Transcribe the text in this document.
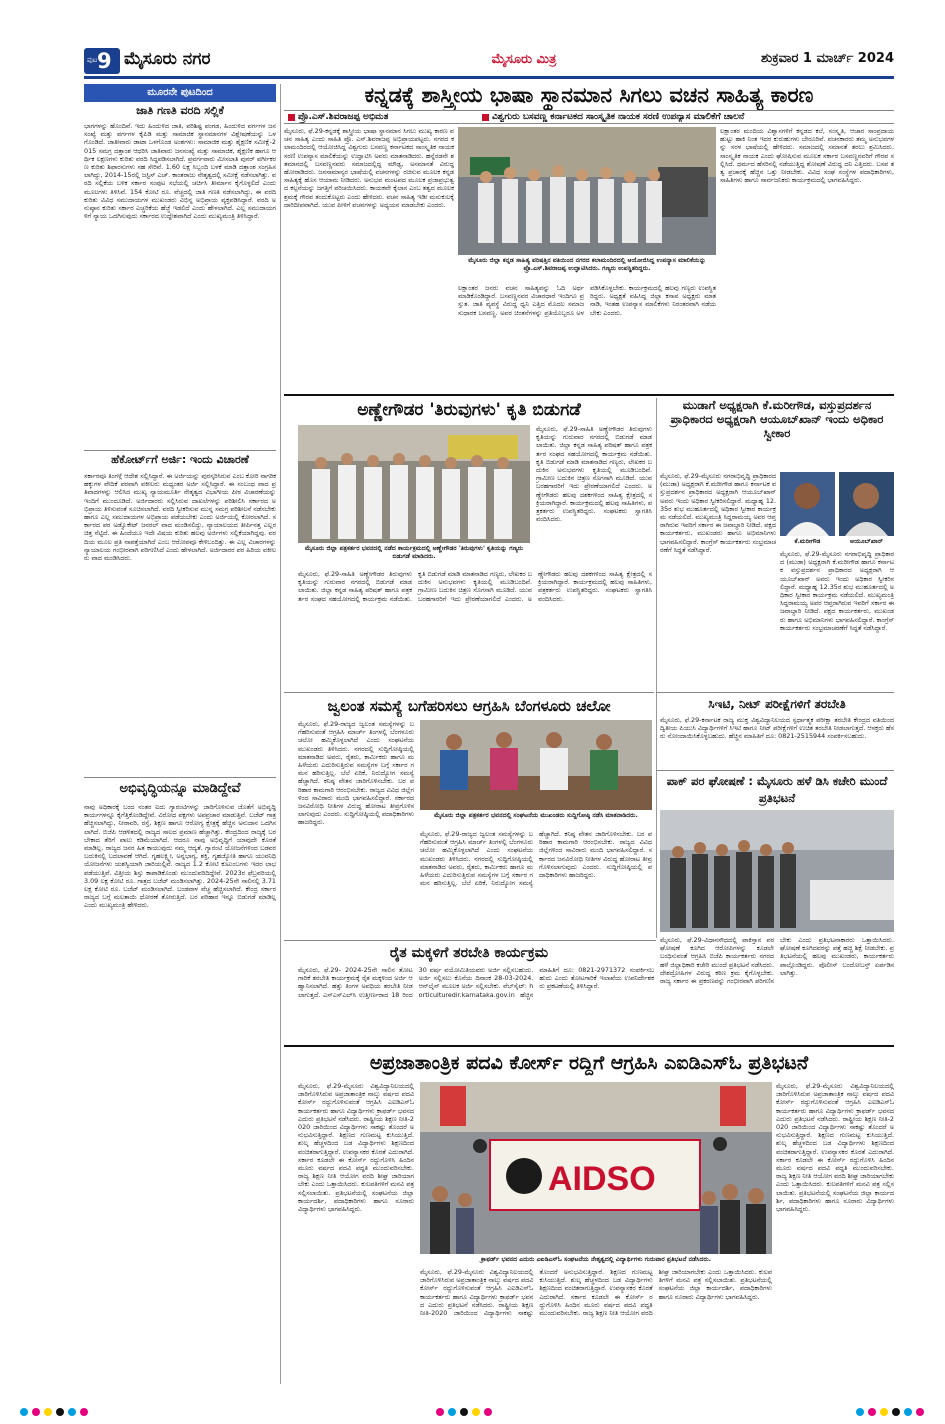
ಪುಟ 9 ಮೈಸೂರು ನಗರ	ಮೈಸೂರು ಮಿತ್ರ	ಶುಕ್ರವಾರ 1 ಮಾರ್ಚ್ 2024
ಮೂರನೇ ಪುಟದಿಂದ
ಜಾತಿ ಗಣತಿ ವರದಿ ಸಲ್ಲಿಕೆ
ಭಾಗಗಳನ್ನು ಹೊಂದಿವೆ. ಇದು ಹಿಂದುಳಿದ ಜಾತಿ, ಪರಿಶಿಷ್ಟ ಪಂಗಡ, ಹಿಂದುಳಿದ ವರ್ಗಗಳ ಜನಸಂಖ್ಯೆ ಮತ್ತು ವರ್ಗಗಳ ಕೈಪಿಡಿ ಮತ್ತು ಸಾಮಾಜಿಕ ಸ್ಥಾನಮಾನಗಳ ವಿಶ್ಲೇಷಣೆಯನ್ನು ಒಳಗೊಂಡಿದೆ. ಜಾತೀವಾರು ಡಾಟಾ ಒಳಗೊಂಡ ಅಂಶಗಳು: ಸಾಮಾಜಿಕ ಮತ್ತು ಶೈಕ್ಷಣಿಕ ಸಮೀಕ್ಷೆ-2015 ಸಮಗ್ರ ದತ್ತಾಂಶ ಆಧರಿಸಿ ಜಾತಿವಾರು ಜನಸಂಖ್ಯೆ ಮತ್ತು ಸಾಮಾಜಿಕ, ಶೈಕ್ಷಣಿಕ ಹಾಗೂ ಆರ್ಥಿಕ ಲಕ್ಷಣಗಳು ಕುರಿತು ವರದಿ ಸಿದ್ಧಪಡಿಸಲಾಗಿದೆ. ಪ್ರವರ್ಗವಾರು ಮೀಸಲಾತಿ ಪುನರ್ ವರ್ಗೀಕರಣ ಕುರಿತು ಶಿಫಾರಸುಗಳು ಸಹ ಸೇರಿವೆ. 1.60 ಲಕ್ಷ ಸಿಬ್ಬಂದಿ ಬಳಕೆ ಮಾಡಿ ದತ್ತಾಂಶ ಸಂಗ್ರಹಿಸಲಾಗಿದ್ದು, 2014-15ರಲ್ಲಿ ಜಸ್ಟಿಸ್ ಎಚ್. ಕಾಂತರಾಜು ನೇತೃತ್ವದಲ್ಲಿ ಸಮೀಕ್ಷೆ ನಡೆಸಲಾಗಿತ್ತು. ವರದಿ ಸಲ್ಲಿಕೆಯ ಬಳಿಕ ಸರ್ಕಾರ ಸಂಪುಟ ಸಭೆಯಲ್ಲಿ ಚರ್ಚಿಸಿ ತೀರ್ಮಾನ ಕೈಗೊಳ್ಳಲಿದೆ ಎಂದು ಮೂಲಗಳು ತಿಳಿಸಿವೆ. 154 ಕೋಟಿ ರೂ. ವೆಚ್ಚದಲ್ಲಿ ಜಾತಿ ಗಣತಿ ನಡೆಸಲಾಗಿದ್ದು, ಈ ವರದಿ ಕುರಿತು ವಿವಿಧ ಸಮುದಾಯಗಳ ಮುಖಂಡರು ವಿಭಿನ್ನ ಅಭಿಪ್ರಾಯ ವ್ಯಕ್ತಪಡಿಸಿದ್ದಾರೆ. ವರದಿ ಅನುಷ್ಠಾನ ಕುರಿತು ಸರ್ಕಾರ ಎಚ್ಚರಿಕೆಯ ಹೆಜ್ಜೆ ಇಡಲಿದೆ ಎಂದು ಹೇಳಲಾಗಿದೆ. ಎಲ್ಲ ಸಮುದಾಯಗಳಿಗೆ ನ್ಯಾಯ ಒದಗಿಸುವುದು ಸರ್ಕಾರದ ಉದ್ದೇಶವಾಗಿದೆ ಎಂದು ಮುಖ್ಯಮಂತ್ರಿ ತಿಳಿಸಿದ್ದಾರೆ.
ಹೆಕೋರ್ಟ್‌ಗೆ ಅರ್ಜಿ: ಇಂದು ವಿಚಾರಣೆ
ಸರ್ಕಾರವೂ ತಿಂಗಳ್ಗೆ ಆದೇಶ ಸಲ್ಲಿಸಿದ್ದಾರೆ. ಈ ಅರ್ಜಿಯನ್ನು ಪುರಸ್ಕರಿಸಿರುವ ಎಂಬ ಕೋರಿ ನಾಗರಿಕ ಹಕ್ಕುಗಳ ವೇದಿಕೆ ಪರವಾಗಿ ವಕೀಲರು ಮಧ್ಯಂತರ ಅರ್ಜಿ ಸಲ್ಲಿಸಿದ್ದಾರೆ. ಈ ಸಂಬಂಧ ವಾದ ಪ್ರತಿವಾದಗಳನ್ನು ಆಲಿಸಿದ ಮುಖ್ಯ ನ್ಯಾಯಮೂರ್ತಿ ನೇತೃತ್ವದ ವಿಭಾಗೀಯ ಪೀಠ ವಿಚಾರಣೆಯನ್ನು ಇಂದಿಗೆ ಮುಂದೂಡಿದೆ. ಅರ್ಜಿದಾರರು ಸಲ್ಲಿಸಿರುವ ದಾಖಲೆಗಳನ್ನು ಪರಿಶೀಲಿಸಿ ಸರ್ಕಾರದ ಅಭಿಪ್ರಾಯ ತಿಳಿಸುವಂತೆ ಸೂಚಿಸಲಾಗಿದೆ. ವರದಿ ಸ್ವೀಕರಿಸುವ ಮುನ್ನ ಸಮಗ್ರ ಪರಿಶೀಲನೆ ನಡೆಸಬೇಕು ಹಾಗೂ ಎಲ್ಲ ಸಮುದಾಯಗಳ ಅಭಿಪ್ರಾಯ ಪಡೆಯಬೇಕು ಎಂದು ಅರ್ಜಿಯಲ್ಲಿ ಕೋರಲಾಗಿದೆ. ಸರ್ಕಾರದ ಪರ ಅಡ್ವೊಕೇಟ್ ಜನರಲ್ ವಾದ ಮಂಡಿಸಲಿದ್ದು, ನ್ಯಾಯಾಲಯದ ತೀರ್ಪಿನತ್ತ ಎಲ್ಲರ ಚಿತ್ತ ನೆಟ್ಟಿದೆ. ಈ ಹಿಂದೆಯೂ ಇದೇ ವಿಷಯ ಕುರಿತು ಹಲವು ಅರ್ಜಿಗಳು ಸಲ್ಲಿಕೆಯಾಗಿದ್ದವು. ವರದಿಯ ಮೂಲ ಪ್ರತಿ ನಾಪತ್ತೆಯಾಗಿದೆ ಎಂಬ ಆರೋಪವೂ ಕೇಳಿಬಂದಿತ್ತು. ಈ ಎಲ್ಲ ವಿಚಾರಗಳನ್ನು ನ್ಯಾಯಾಲಯ ಗಂಭೀರವಾಗಿ ಪರಿಗಣಿಸಿದೆ ಎಂದು ಹೇಳಲಾಗಿದೆ. ಅರ್ಜಿದಾರರ ಪರ ಹಿರಿಯ ವಕೀಲರು ವಾದ ಮಂಡಿಸಿದರು.
ಅಭಿವೃದ್ಧಿಯನ್ನೂ ಮಾಡಿದ್ದೇವೆ
ನಾವು ಅಧಿಕಾರಕ್ಕೆ ಬಂದ ನಂತರ ಐದು ಗ್ಯಾರಂಟಿಗಳನ್ನು ಜಾರಿಗೊಳಿಸುವ ಜೊತೆಗೆ ಅಭಿವೃದ್ಧಿ ಕಾರ್ಯಗಳನ್ನೂ ಕೈಗೆತ್ತಿಕೊಂಡಿದ್ದೇವೆ. ವಿರೋಧ ಪಕ್ಷಗಳು ಅಪಪ್ರಚಾರ ಮಾಡುತ್ತಿವೆ. ಬಜೆಟ್ ಗಾತ್ರ ಹೆಚ್ಚಿಸಲಾಗಿದ್ದು, ನೀರಾವರಿ, ರಸ್ತೆ, ಶಿಕ್ಷಣ ಹಾಗೂ ಆರೋಗ್ಯ ಕ್ಷೇತ್ರಕ್ಕೆ ಹೆಚ್ಚಿನ ಅನುದಾನ ಒದಗಿಸಲಾಗಿದೆ. ಬಿಜೆಪಿ ಆಡಳಿತದಲ್ಲಿ ರಾಜ್ಯದ ಸಾಲದ ಪ್ರಮಾಣ ಹೆಚ್ಚಾಗಿತ್ತು. ಕೇಂದ್ರದಿಂದ ರಾಜ್ಯಕ್ಕೆ ಬರಬೇಕಾದ ತೆರಿಗೆ ಪಾಲು ಕಡಿಮೆಯಾಗಿದೆ. ಆದರೂ ನಾವು ಅಭಿವೃದ್ಧಿಗೆ ಯಾವುದೇ ಕೊರತೆ ಮಾಡಿಲ್ಲ. ರಾಜ್ಯದ ಜನರ ಹಿತ ಕಾಯುವುದು ನಮ್ಮ ಆದ್ಯತೆ. ಗ್ಯಾರಂಟಿ ಯೋಜನೆಗಳಿಂದ ಬಡವರ ಬದುಕಿನಲ್ಲಿ ಬದಲಾವಣೆ ಆಗಿದೆ. ಗೃಹಲಕ್ಷ್ಮೀ, ಅನ್ನಭಾಗ್ಯ, ಶಕ್ತಿ, ಗೃಹಜ್ಯೋತಿ ಹಾಗೂ ಯುವನಿಧಿ ಯೋಜನೆಗಳು ಯಶಸ್ವಿಯಾಗಿ ಜಾರಿಯಲ್ಲಿವೆ. ರಾಜ್ಯದ 1.2 ಕೋಟಿ ಕುಟುಂಬಗಳು ಇದರ ಲಾಭ ಪಡೆಯುತ್ತಿವೆ. ವಿತ್ತೀಯ ಶಿಸ್ತು ಕಾಪಾಡಿಕೊಂಡು ಮುಂದುವರಿದಿದ್ದೇವೆ. 2023ರ ಫೆಬ್ರವರಿಯಲ್ಲಿ 3.09 ಲಕ್ಷ ಕೋಟಿ ರೂ. ಗಾತ್ರದ ಬಜೆಟ್ ಮಂಡಿಸಲಾಗಿತ್ತು. 2024-25ನೇ ಸಾಲಿನಲ್ಲಿ 3.71 ಲಕ್ಷ ಕೋಟಿ ರೂ. ಬಜೆಟ್ ಮಂಡಿಸಲಾಗಿದೆ. ಬಂಡವಾಳ ವೆಚ್ಚ ಹೆಚ್ಚಿಸಲಾಗಿದೆ. ಕೇಂದ್ರ ಸರ್ಕಾರ ರಾಜ್ಯದ ಬಗ್ಗೆ ಮಲತಾಯಿ ಧೋರಣೆ ತೋರುತ್ತಿದೆ. ಬರ ಪರಿಹಾರ ಇನ್ನೂ ಬಿಡುಗಡೆ ಮಾಡಿಲ್ಲ ಎಂದು ಮುಖ್ಯಮಂತ್ರಿ ಹೇಳಿದರು.
ಕನ್ನಡಕ್ಕೆ ಶಾಸ್ತ್ರೀಯ ಭಾಷಾ ಸ್ಥಾನಮಾನ ಸಿಗಲು ವಚನ ಸಾಹಿತ್ಯ ಕಾರಣ
ಪ್ರೊ.ಎಸ್.ಶಿವರಾಜಪ್ಪ ಅಭಿಮತ	ವಿಶ್ವಗುರು ಬಸವಣ್ಣ ಕರ್ನಾಟಕದ ಸಾಂಸ್ಕೃತಿಕ ನಾಯಕ ಸರಣಿ ಉಪನ್ಯಾಸ ಮಾಲಿಕೆಗೆ ಚಾಲನೆ
ಮೈಸೂರು, ಫೆ.29-ಕನ್ನಡಕ್ಕೆ ಶಾಸ್ತ್ರೀಯ ಭಾಷಾ ಸ್ಥಾನಮಾನ ಸಿಗಲು ಮುಖ್ಯ ಕಾರಣ ವಚನ ಸಾಹಿತ್ಯ ಎಂದು ಸಾಹಿತಿ ಪ್ರೊ. ಎಸ್.ಶಿವರಾಜಪ್ಪ ಅಭಿಪ್ರಾಯಪಟ್ಟರು. ನಗರದ ಕಲಾಮಂದಿರದಲ್ಲಿ ಆಯೋಜಿಸಿದ್ದ ವಿಶ್ವಗುರು ಬಸವಣ್ಣ ಕರ್ನಾಟಕದ ಸಾಂಸ್ಕೃತಿಕ ನಾಯಕ ಸರಣಿ ಉಪನ್ಯಾಸ ಮಾಲಿಕೆಯನ್ನು ಉದ್ಘಾಟಿಸಿ ಅವರು ಮಾತನಾಡಿದರು. ಹನ್ನೆರಡನೇ ಶತಮಾನದಲ್ಲಿ ಬಸವಣ್ಣನವರು ಸಮಾಜದಲ್ಲಿದ್ದ ಮೌಢ್ಯ, ಅಸಮಾನತೆ ವಿರುದ್ಧ ಹೋರಾಡಿದರು. ಜನಸಾಮಾನ್ಯರ ಭಾಷೆಯಲ್ಲಿ ವಚನಗಳನ್ನು ರಚಿಸುವ ಮೂಲಕ ಕನ್ನಡ ಸಾಹಿತ್ಯಕ್ಕೆ ಹೊಸ ಆಯಾಮ ನೀಡಿದರು. ಅನುಭವ ಮಂಟಪದ ಮೂಲಕ ಪ್ರಜಾಪ್ರಭುತ್ವದ ಕಲ್ಪನೆಯನ್ನು ಜಗತ್ತಿಗೆ ಪರಿಚಯಿಸಿದರು. ಕಾಯಕವೇ ಕೈಲಾಸ ಎಂಬ ತತ್ವದ ಮೂಲಕ ಶ್ರಮಕ್ಕೆ ಗೌರವ ತಂದುಕೊಟ್ಟರು ಎಂದು ಹೇಳಿದರು. ವಚನ ಸಾಹಿತ್ಯ ಇಡೀ ಮನುಕುಲಕ್ಕೆ ದಾರಿದೀಪವಾಗಿದೆ. ಯುವ ಪೀಳಿಗೆ ವಚನಗಳನ್ನು ಅಧ್ಯಯನ ಮಾಡಬೇಕು ಎಂದರು.
ಮೈಸೂರು ಜಿಲ್ಲಾ ಕನ್ನಡ ಸಾಹಿತ್ಯ ಪರಿಷತ್ತಿನ ವತಿಯಿಂದ ನಗರದ ಕಲಾಮಂದಿರದಲ್ಲಿ ಆಯೋಜಿಸಿದ್ದ ಉಪನ್ಯಾಸ ಮಾಲಿಕೆಯನ್ನು ಪ್ರೊ.ಎಸ್.ಶಿವರಾಜಪ್ಪ ಉದ್ಘಾಟಿಸಿದರು. ಗಣ್ಯರು ಉಪಸ್ಥಿತರಿದ್ದರು.
ಲಕ್ಷಾಂತರ ಜನರು ವಚನ ಸಾಹಿತ್ಯವನ್ನು ಓದಿ ಅರ್ಥ ಮಾಡಿಕೊಂಡಿದ್ದಾರೆ. ಬಸವಣ್ಣನವರ ವಿಚಾರಧಾರೆ ಇಂದಿಗೂ ಪ್ರಸ್ತುತ. ಜಾತಿ ವ್ಯವಸ್ಥೆ ವಿರುದ್ಧ ಧ್ವನಿ ಎತ್ತಿದ ಮೊದಲ ಸಮಾಜ ಸುಧಾರಕ ಬಸವಣ್ಣ. ಅವರ ಚಿಂತನೆಗಳನ್ನು ಪ್ರತಿಯೊಬ್ಬರೂ ಅಳವಡಿಸಿಕೊಳ್ಳಬೇಕು. ಕಾರ್ಯಕ್ರಮದಲ್ಲಿ ಹಲವು ಗಣ್ಯರು ಉಪಸ್ಥಿತರಿದ್ದರು. ಅಧ್ಯಕ್ಷತೆ ವಹಿಸಿದ್ದ ಜಿಲ್ಲಾ ಕಸಾಪ ಅಧ್ಯಕ್ಷರು ಮಾತನಾಡಿ, ಇಂತಹ ಉಪನ್ಯಾಸ ಮಾಲಿಕೆಗಳು ನಿರಂತರವಾಗಿ ನಡೆಯಬೇಕು ಎಂದರು.
ಲಕ್ಷಾಂತರ ಮಂದಿಯ ವಿಶ್ವಾಸಗಳಿಗೆ ಕನ್ನಡದ ಕಲೆ, ಸಂಸ್ಕೃತಿ, ಆಚಾರ ಸಾಂಪ್ರದಾಯ ಹುಟ್ಟು ಹಾಕಿ ನಿಂತ ಇದರ ಕುರುಹುಗಳು ಬೇರೂರಿವೆ. ವಚನಕಾರರು ತಮ್ಮ ಅನುಭವಗಳನ್ನು ಸರಳ ಭಾಷೆಯಲ್ಲಿ ಹೇಳಿದರು. ಸಮಾಜದಲ್ಲಿ ಸಮಾನತೆ ತರಲು ಶ್ರಮಿಸಿದರು. ಸಾಂಸ್ಕೃತಿಕ ನಾಯಕ ಎಂದು ಘೋಷಿಸುವ ಮೂಲಕ ಸರ್ಕಾರ ಬಸವಣ್ಣನವರಿಗೆ ಗೌರವ ಸಲ್ಲಿಸಿದೆ. ಧರ್ಮದ ಹೆಸರಿನಲ್ಲಿ ನಡೆಯುತ್ತಿದ್ದ ಶೋಷಣೆ ವಿರುದ್ಧ ದನಿ ಎತ್ತಿದರು. ಬಸವ ತತ್ವ ಪ್ರಚಾರಕ್ಕೆ ಹೆಚ್ಚಿನ ಒತ್ತು ನೀಡಬೇಕು. ವಿವಿಧ ಸಂಘ ಸಂಸ್ಥೆಗಳ ಪದಾಧಿಕಾರಿಗಳು, ಸಾಹಿತಿಗಳು ಹಾಗೂ ಸಾರ್ವಜನಿಕರು ಕಾರ್ಯಕ್ರಮದಲ್ಲಿ ಭಾಗವಹಿಸಿದ್ದರು.
ಅಣ್ಣೇಗೌಡರ 'ತಿರುವುಗಳು' ಕೃತಿ ಬಿಡುಗಡೆ
ಮೈಸೂರು ಜಿಲ್ಲಾ ಪತ್ರಕರ್ತರ ಭವನದಲ್ಲಿ ನಡೆದ ಕಾರ್ಯಕ್ರಮದಲ್ಲಿ ಅಣ್ಣೇಗೌಡರ 'ತಿರುವುಗಳು' ಕೃತಿಯನ್ನು ಗಣ್ಯರು ಬಿಡುಗಡೆ ಮಾಡಿದರು.
ಮೈಸೂರು, ಫೆ.29-ಸಾಹಿತಿ ಅಣ್ಣೇಗೌಡರ ತಿರುವುಗಳು ಕೃತಿಯನ್ನು ಗುರುವಾರ ನಗರದಲ್ಲಿ ಬಿಡುಗಡೆ ಮಾಡಲಾಯಿತು. ಜಿಲ್ಲಾ ಕನ್ನಡ ಸಾಹಿತ್ಯ ಪರಿಷತ್ ಹಾಗೂ ಪತ್ರಕರ್ತರ ಸಂಘದ ಸಹಯೋಗದಲ್ಲಿ ಕಾರ್ಯಕ್ರಮ ನಡೆಯಿತು. ಕೃತಿ ಬಿಡುಗಡೆ ಮಾಡಿ ಮಾತನಾಡಿದ ಗಣ್ಯರು, ಲೇಖಕರ ಬದುಕಿನ ಅನುಭವಗಳು ಕೃತಿಯಲ್ಲಿ ಮೂಡಿಬಂದಿವೆ. ಗ್ರಾಮೀಣ ಬದುಕಿನ ಚಿತ್ರಣ ಸೊಗಸಾಗಿ ಮೂಡಿದೆ. ಯುವ ಬರಹಗಾರರಿಗೆ ಇದು ಪ್ರೇರಣೆಯಾಗಲಿದೆ ಎಂದರು. ಅಣ್ಣೇಗೌಡರು ಹಲವು ದಶಕಗಳಿಂದ ಸಾಹಿತ್ಯ ಕ್ಷೇತ್ರದಲ್ಲಿ ಸಕ್ರಿಯರಾಗಿದ್ದಾರೆ. ಕಾರ್ಯಕ್ರಮದಲ್ಲಿ ಹಲವು ಸಾಹಿತಿಗಳು, ಪತ್ರಕರ್ತರು ಉಪಸ್ಥಿತರಿದ್ದರು. ಸಂಘಟಕರು ಸ್ವಾಗತಿಸಿ ವಂದಿಸಿದರು.
ಮೈಸೂರು, ಫೆ.29-ಸಾಹಿತಿ ಅಣ್ಣೇಗೌಡರ ತಿರುವುಗಳು ಕೃತಿಯನ್ನು ಗುರುವಾರ ನಗರದಲ್ಲಿ ಬಿಡುಗಡೆ ಮಾಡಲಾಯಿತು. ಜಿಲ್ಲಾ ಕನ್ನಡ ಸಾಹಿತ್ಯ ಪರಿಷತ್ ಹಾಗೂ ಪತ್ರಕರ್ತರ ಸಂಘದ ಸಹಯೋಗದಲ್ಲಿ ಕಾರ್ಯಕ್ರಮ ನಡೆಯಿತು. ಕೃತಿ ಬಿಡುಗಡೆ ಮಾಡಿ ಮಾತನಾಡಿದ ಗಣ್ಯರು, ಲೇಖಕರ ಬದುಕಿನ ಅನುಭವಗಳು ಕೃತಿಯಲ್ಲಿ ಮೂಡಿಬಂದಿವೆ. ಗ್ರಾಮೀಣ ಬದುಕಿನ ಚಿತ್ರಣ ಸೊಗಸಾಗಿ ಮೂಡಿದೆ. ಯುವ ಬರಹಗಾರರಿಗೆ ಇದು ಪ್ರೇರಣೆಯಾಗಲಿದೆ ಎಂದರು. ಅಣ್ಣೇಗೌಡರು ಹಲವು ದಶಕಗಳಿಂದ ಸಾಹಿತ್ಯ ಕ್ಷೇತ್ರದಲ್ಲಿ ಸಕ್ರಿಯರಾಗಿದ್ದಾರೆ. ಕಾರ್ಯಕ್ರಮದಲ್ಲಿ ಹಲವು ಸಾಹಿತಿಗಳು, ಪತ್ರಕರ್ತರು ಉಪಸ್ಥಿತರಿದ್ದರು. ಸಂಘಟಕರು ಸ್ವಾಗತಿಸಿ ವಂದಿಸಿದರು.
ಮುಡಾಗೆ ಅಧ್ಯಕ್ಷರಾಗಿ ಕೆ.ಮರೀಗೌಡ, ವಸ್ತುಪ್ರದರ್ಶನ ಪ್ರಾಧಿಕಾರದ ಅಧ್ಯಕ್ಷರಾಗಿ ಆಯೂಬ್‌ಖಾನ್ ಇಂದು ಅಧಿಕಾರ ಸ್ವೀಕಾರ
ಮೈಸೂರು, ಫೆ.29-ಮೈಸೂರು ನಗರಾಭಿವೃದ್ಧಿ ಪ್ರಾಧಿಕಾರದ (ಮುಡಾ) ಅಧ್ಯಕ್ಷರಾಗಿ ಕೆ.ಮರೀಗೌಡ ಹಾಗೂ ಕರ್ನಾಟಕ ವಸ್ತುಪ್ರದರ್ಶನ ಪ್ರಾಧಿಕಾರದ ಅಧ್ಯಕ್ಷರಾಗಿ ಆಯೂಬ್‌ಖಾನ್ ಅವರು ಇಂದು ಅಧಿಕಾರ ಸ್ವೀಕರಿಸಲಿದ್ದಾರೆ. ಮಧ್ಯಾಹ್ನ 12.35ರ ಶುಭ ಮುಹೂರ್ತದಲ್ಲಿ ಅಧಿಕಾರ ಸ್ವೀಕಾರ ಕಾರ್ಯಕ್ರಮ ನಡೆಯಲಿದೆ. ಮುಖ್ಯಮಂತ್ರಿ ಸಿದ್ದರಾಮಯ್ಯ ಅವರ ಆಪ್ತರಾಗಿರುವ ಇವರಿಗೆ ಸರ್ಕಾರ ಈ ಜವಾಬ್ದಾರಿ ನೀಡಿದೆ. ಪಕ್ಷದ ಕಾರ್ಯಕರ್ತರು, ಮುಖಂಡರು ಹಾಗೂ ಅಭಿಮಾನಿಗಳು ಭಾಗವಹಿಸಲಿದ್ದಾರೆ. ಕಾಂಗ್ರೆಸ್ ಕಾರ್ಯಕರ್ತರು ಸಂಭ್ರಮಾಚರಣೆಗೆ ಸಿದ್ಧತೆ ನಡೆಸಿದ್ದಾರೆ.
ಕೆ.ಮರೀಗೌಡ	ಆಯೂಬ್‌ಖಾನ್
ಮೈಸೂರು, ಫೆ.29-ಮೈಸೂರು ನಗರಾಭಿವೃದ್ಧಿ ಪ್ರಾಧಿಕಾರದ (ಮುಡಾ) ಅಧ್ಯಕ್ಷರಾಗಿ ಕೆ.ಮರೀಗೌಡ ಹಾಗೂ ಕರ್ನಾಟಕ ವಸ್ತುಪ್ರದರ್ಶನ ಪ್ರಾಧಿಕಾರದ ಅಧ್ಯಕ್ಷರಾಗಿ ಆಯೂಬ್‌ಖಾನ್ ಅವರು ಇಂದು ಅಧಿಕಾರ ಸ್ವೀಕರಿಸಲಿದ್ದಾರೆ. ಮಧ್ಯಾಹ್ನ 12.35ರ ಶುಭ ಮುಹೂರ್ತದಲ್ಲಿ ಅಧಿಕಾರ ಸ್ವೀಕಾರ ಕಾರ್ಯಕ್ರಮ ನಡೆಯಲಿದೆ. ಮುಖ್ಯಮಂತ್ರಿ ಸಿದ್ದರಾಮಯ್ಯ ಅವರ ಆಪ್ತರಾಗಿರುವ ಇವರಿಗೆ ಸರ್ಕಾರ ಈ ಜವಾಬ್ದಾರಿ ನೀಡಿದೆ. ಪಕ್ಷದ ಕಾರ್ಯಕರ್ತರು, ಮುಖಂಡರು ಹಾಗೂ ಅಭಿಮಾನಿಗಳು ಭಾಗವಹಿಸಲಿದ್ದಾರೆ. ಕಾಂಗ್ರೆಸ್ ಕಾರ್ಯಕರ್ತರು ಸಂಭ್ರಮಾಚರಣೆಗೆ ಸಿದ್ಧತೆ ನಡೆಸಿದ್ದಾರೆ.
ಸಿಇಟಿ, ನೀಟ್ ಪರೀಕ್ಷೆಗಳಿಗೆ ತರಬೇತಿ
ಮೈಸೂರು, ಫೆ.29-ಕರ್ನಾಟಕ ರಾಜ್ಯ ಮುಕ್ತ ವಿಶ್ವವಿದ್ಯಾನಿಲಯದ ಸ್ಪರ್ಧಾತ್ಮಕ ಪರೀಕ್ಷಾ ತರಬೇತಿ ಕೇಂದ್ರದ ವತಿಯಿಂದ ದ್ವಿತೀಯ ಪಿಯುಸಿ ವಿದ್ಯಾರ್ಥಿಗಳಿಗೆ ಸಿಇಟಿ ಹಾಗೂ ನೀಟ್ ಪರೀಕ್ಷೆಗಳಿಗೆ ಉಚಿತ ತರಬೇತಿ ನೀಡಲಾಗುತ್ತದೆ. ಆಸಕ್ತರು ಹೆಸರು ನೋಂದಾಯಿಸಿಕೊಳ್ಳಬಹುದು. ಹೆಚ್ಚಿನ ಮಾಹಿತಿಗೆ ದೂ: 0821-2515944 ಸಂಪರ್ಕಿಸಬಹುದು.
ಪಾಕ್ ಪರ ಘೋಷಣೆ : ಮೈಸೂರು ಹಳೆ ಡಿಸಿ ಕಚೇರಿ ಮುಂದೆ ಪ್ರತಿಭಟನೆ
ಜ್ವಲಂತ ಸಮಸ್ಯೆ ಬಗೆಹರಿಸಲು ಆಗ್ರಹಿಸಿ ಬೆಂಗಳೂರು ಚಲೋ
ಮೈಸೂರು, ಫೆ.29-ರಾಜ್ಯದ ಜ್ವಲಂತ ಸಮಸ್ಯೆಗಳನ್ನು ಬಗೆಹರಿಸುವಂತೆ ಆಗ್ರಹಿಸಿ ಮಾರ್ಚ್ ತಿಂಗಳಲ್ಲಿ ಬೆಂಗಳೂರು ಚಲೋ ಹಮ್ಮಿಕೊಳ್ಳಲಾಗಿದೆ ಎಂದು ಸಂಘಟನೆಯ ಮುಖಂಡರು ತಿಳಿಸಿದರು. ನಗರದಲ್ಲಿ ಸುದ್ದಿಗೋಷ್ಠಿಯಲ್ಲಿ ಮಾತನಾಡಿದ ಅವರು, ರೈತರು, ಕಾರ್ಮಿಕರು ಹಾಗೂ ಮಹಿಳೆಯರು ಎದುರಿಸುತ್ತಿರುವ ಸಮಸ್ಯೆಗಳ ಬಗ್ಗೆ ಸರ್ಕಾರ ಗಮನ ಹರಿಸುತ್ತಿಲ್ಲ. ಬೆಲೆ ಏರಿಕೆ, ನಿರುದ್ಯೋಗ ಸಮಸ್ಯೆ ಹೆಚ್ಚಾಗಿದೆ. ಕನಿಷ್ಠ ವೇತನ ಜಾರಿಗೊಳಿಸಬೇಕು. ಬರ ಪರಿಹಾರ ಕಾಮಗಾರಿ ಆರಂಭಿಸಬೇಕು. ರಾಜ್ಯದ ವಿವಿಧ ಜಿಲ್ಲೆಗಳಿಂದ ಸಾವಿರಾರು ಮಂದಿ ಭಾಗವಹಿಸಲಿದ್ದಾರೆ. ಸರ್ಕಾರದ ಜನವಿರೋಧಿ ನೀತಿಗಳ ವಿರುದ್ಧ ಹೋರಾಟ ತೀವ್ರಗೊಳಿಸಲಾಗುವುದು ಎಂದರು. ಸುದ್ದಿಗೋಷ್ಠಿಯಲ್ಲಿ ಪದಾಧಿಕಾರಿಗಳು ಹಾಜರಿದ್ದರು.
ಮೈಸೂರು ಜಿಲ್ಲಾ ಪತ್ರಕರ್ತರ ಭವನದಲ್ಲಿ ಸಂಘಟನೆಯ ಮುಖಂಡರು ಸುದ್ದಿಗೋಷ್ಠಿ ನಡೆಸಿ ಮಾತನಾಡಿದರು.
ಮೈಸೂರು, ಫೆ.29-ರಾಜ್ಯದ ಜ್ವಲಂತ ಸಮಸ್ಯೆಗಳನ್ನು ಬಗೆಹರಿಸುವಂತೆ ಆಗ್ರಹಿಸಿ ಮಾರ್ಚ್ ತಿಂಗಳಲ್ಲಿ ಬೆಂಗಳೂರು ಚಲೋ ಹಮ್ಮಿಕೊಳ್ಳಲಾಗಿದೆ ಎಂದು ಸಂಘಟನೆಯ ಮುಖಂಡರು ತಿಳಿಸಿದರು. ನಗರದಲ್ಲಿ ಸುದ್ದಿಗೋಷ್ಠಿಯಲ್ಲಿ ಮಾತನಾಡಿದ ಅವರು, ರೈತರು, ಕಾರ್ಮಿಕರು ಹಾಗೂ ಮಹಿಳೆಯರು ಎದುರಿಸುತ್ತಿರುವ ಸಮಸ್ಯೆಗಳ ಬಗ್ಗೆ ಸರ್ಕಾರ ಗಮನ ಹರಿಸುತ್ತಿಲ್ಲ. ಬೆಲೆ ಏರಿಕೆ, ನಿರುದ್ಯೋಗ ಸಮಸ್ಯೆ ಹೆಚ್ಚಾಗಿದೆ. ಕನಿಷ್ಠ ವೇತನ ಜಾರಿಗೊಳಿಸಬೇಕು. ಬರ ಪರಿಹಾರ ಕಾಮಗಾರಿ ಆರಂಭಿಸಬೇಕು. ರಾಜ್ಯದ ವಿವಿಧ ಜಿಲ್ಲೆಗಳಿಂದ ಸಾವಿರಾರು ಮಂದಿ ಭಾಗವಹಿಸಲಿದ್ದಾರೆ. ಸರ್ಕಾರದ ಜನವಿರೋಧಿ ನೀತಿಗಳ ವಿರುದ್ಧ ಹೋರಾಟ ತೀವ್ರಗೊಳಿಸಲಾಗುವುದು ಎಂದರು. ಸುದ್ದಿಗೋಷ್ಠಿಯಲ್ಲಿ ಪದಾಧಿಕಾರಿಗಳು ಹಾಜರಿದ್ದರು.
ರೈತ ಮಕ್ಕಳಿಗೆ ತರಬೇತಿ ಕಾರ್ಯಕ್ರಮ
ಮೈಸೂರು, ಫೆ.29- 2024-25ನೇ ಸಾಲಿನ ತೋಟಗಾರಿಕೆ ತರಬೇತಿ ಕಾರ್ಯಕ್ರಮಕ್ಕೆ ರೈತ ಮಕ್ಕಳಿಂದ ಅರ್ಜಿ ಆಹ್ವಾನಿಸಲಾಗಿದೆ. ಹತ್ತು ತಿಂಗಳ ಅವಧಿಯ ತರಬೇತಿ ನೀಡಲಾಗುತ್ತದೆ. ಎಸ್‌ಎಸ್‌ಎಲ್‌ಸಿ ಉತ್ತೀರ್ಣರಾದ 18 ರಿಂದ 30 ವರ್ಷ ವಯೋಮಿತಿಯವರು ಅರ್ಜಿ ಸಲ್ಲಿಸಬಹುದು. ಅರ್ಜಿ ಸಲ್ಲಿಸಲು ಕೊನೆಯ ದಿನಾಂಕ 28-03-2024. ಆನ್‌ಲೈನ್ ಮೂಲಕ ಅರ್ಜಿ ಸಲ್ಲಿಸಬೇಕು. ವೆಬ್‌ಸೈಟ್: horticulturedir.karnataka.gov.in ಹೆಚ್ಚಿನ ಮಾಹಿತಿಗೆ ದೂ: 0821-2971372 ಸಂಪರ್ಕಿಸಬಹುದು ಎಂದು ತೋಟಗಾರಿಕೆ ಇಲಾಖೆಯ ಉಪನಿರ್ದೇಶಕರು ಪ್ರಕಟಣೆಯಲ್ಲಿ ತಿಳಿಸಿದ್ದಾರೆ.
ಮೈಸೂರು, ಫೆ.29-ವಿಧಾನಸೌಧದಲ್ಲಿ ಪಾಕಿಸ್ತಾನ ಪರ ಘೋಷಣೆ ಕೂಗಿದ ಆರೋಪಿಗಳನ್ನು ಕೂಡಲೇ ಬಂಧಿಸುವಂತೆ ಆಗ್ರಹಿಸಿ ಬಿಜೆಪಿ ಕಾರ್ಯಕರ್ತರು ನಗರದ ಹಳೆ ಜಿಲ್ಲಾಧಿಕಾರಿ ಕಚೇರಿ ಮುಂದೆ ಪ್ರತಿಭಟನೆ ನಡೆಸಿದರು. ದೇಶದ್ರೋಹಿಗಳ ವಿರುದ್ಧ ಕಠಿಣ ಕ್ರಮ ಕೈಗೊಳ್ಳಬೇಕು. ರಾಜ್ಯ ಸರ್ಕಾರ ಈ ಪ್ರಕರಣವನ್ನು ಗಂಭೀರವಾಗಿ ಪರಿಗಣಿಸಬೇಕು ಎಂದು ಪ್ರತಿಭಟನಾಕಾರರು ಒತ್ತಾಯಿಸಿದರು. ಘೋಷಣೆ ಕೂಗಿದವರನ್ನು ಪತ್ತೆ ಹಚ್ಚಿ ಶಿಕ್ಷೆ ನೀಡಬೇಕು. ಪ್ರತಿಭಟನೆಯಲ್ಲಿ ಹಲವು ಮುಖಂಡರು, ಕಾರ್ಯಕರ್ತರು ಪಾಲ್ಗೊಂಡಿದ್ದರು. ಪೊಲೀಸ್ ಬಂದೋಬಸ್ತ್ ಏರ್ಪಡಿಸಲಾಗಿತ್ತು.
ಅಪ್ರಜಾತಾಂತ್ರಿಕ ಪದವಿ ಕೋರ್ಸ್ ರದ್ದಿಗೆ ಆಗ್ರಹಿಸಿ ಎಐಡಿಎಸ್‌ಓ ಪ್ರತಿಭಟನೆ
ಮೈಸೂರು, ಫೆ.29-ಮೈಸೂರು ವಿಶ್ವವಿದ್ಯಾನಿಲಯದಲ್ಲಿ ಜಾರಿಗೊಳಿಸಿರುವ ಅಪ್ರಜಾತಾಂತ್ರಿಕ ನಾಲ್ಕು ವರ್ಷದ ಪದವಿ ಕೋರ್ಸ್ ರದ್ದುಗೊಳಿಸುವಂತೆ ಆಗ್ರಹಿಸಿ ಎಐಡಿಎಸ್‌ಓ ಕಾರ್ಯಕರ್ತರು ಹಾಗೂ ವಿದ್ಯಾರ್ಥಿಗಳು ಕ್ರಾಫರ್ಡ್ ಭವನದ ಎದುರು ಪ್ರತಿಭಟನೆ ನಡೆಸಿದರು. ರಾಷ್ಟ್ರೀಯ ಶಿಕ್ಷಣ ನೀತಿ-2020 ಜಾರಿಯಿಂದ ವಿದ್ಯಾರ್ಥಿಗಳು ಸಾಕಷ್ಟು ತೊಂದರೆ ಅನುಭವಿಸುತ್ತಿದ್ದಾರೆ. ಶಿಕ್ಷಣದ ಗುಣಮಟ್ಟ ಕುಸಿಯುತ್ತಿದೆ. ಶುಲ್ಕ ಹೆಚ್ಚಳದಿಂದ ಬಡ ವಿದ್ಯಾರ್ಥಿಗಳು ಶಿಕ್ಷಣದಿಂದ ವಂಚಿತರಾಗುತ್ತಿದ್ದಾರೆ. ಉಪನ್ಯಾಸಕರ ಕೊರತೆ ಎದುರಾಗಿದೆ. ಸರ್ಕಾರ ಕೂಡಲೇ ಈ ಕೋರ್ಸ್ ರದ್ದುಗೊಳಿಸಿ ಹಿಂದಿನ ಮೂರು ವರ್ಷದ ಪದವಿ ಪದ್ಧತಿ ಮುಂದುವರಿಸಬೇಕು. ರಾಜ್ಯ ಶಿಕ್ಷಣ ನೀತಿ ಆಯೋಗ ವರದಿ ಶೀಘ್ರ ಜಾರಿಯಾಗಬೇಕು ಎಂದು ಒತ್ತಾಯಿಸಿದರು. ಕುಲಪತಿಗಳಿಗೆ ಮನವಿ ಪತ್ರ ಸಲ್ಲಿಸಲಾಯಿತು. ಪ್ರತಿಭಟನೆಯಲ್ಲಿ ಸಂಘಟನೆಯ ಜಿಲ್ಲಾ ಕಾರ್ಯದರ್ಶಿ, ಪದಾಧಿಕಾರಿಗಳು ಹಾಗೂ ನೂರಾರು ವಿದ್ಯಾರ್ಥಿಗಳು ಭಾಗವಹಿಸಿದ್ದರು.
AIDSO
ಕ್ರಾಫರ್ಡ್ ಭವನದ ಎದುರು ಎಐಡಿಎಸ್‌ಓ ಸಂಘಟನೆಯ ನೇತೃತ್ವದಲ್ಲಿ ವಿದ್ಯಾರ್ಥಿಗಳು ಗುರುವಾರ ಪ್ರತಿಭಟನೆ ನಡೆಸಿದರು.
ಮೈಸೂರು, ಫೆ.29-ಮೈಸೂರು ವಿಶ್ವವಿದ್ಯಾನಿಲಯದಲ್ಲಿ ಜಾರಿಗೊಳಿಸಿರುವ ಅಪ್ರಜಾತಾಂತ್ರಿಕ ನಾಲ್ಕು ವರ್ಷದ ಪದವಿ ಕೋರ್ಸ್ ರದ್ದುಗೊಳಿಸುವಂತೆ ಆಗ್ರಹಿಸಿ ಎಐಡಿಎಸ್‌ಓ ಕಾರ್ಯಕರ್ತರು ಹಾಗೂ ವಿದ್ಯಾರ್ಥಿಗಳು ಕ್ರಾಫರ್ಡ್ ಭವನದ ಎದುರು ಪ್ರತಿಭಟನೆ ನಡೆಸಿದರು. ರಾಷ್ಟ್ರೀಯ ಶಿಕ್ಷಣ ನೀತಿ-2020 ಜಾರಿಯಿಂದ ವಿದ್ಯಾರ್ಥಿಗಳು ಸಾಕಷ್ಟು ತೊಂದರೆ ಅನುಭವಿಸುತ್ತಿದ್ದಾರೆ. ಶಿಕ್ಷಣದ ಗುಣಮಟ್ಟ ಕುಸಿಯುತ್ತಿದೆ. ಶುಲ್ಕ ಹೆಚ್ಚಳದಿಂದ ಬಡ ವಿದ್ಯಾರ್ಥಿಗಳು ಶಿಕ್ಷಣದಿಂದ ವಂಚಿತರಾಗುತ್ತಿದ್ದಾರೆ. ಉಪನ್ಯಾಸಕರ ಕೊರತೆ ಎದುರಾಗಿದೆ. ಸರ್ಕಾರ ಕೂಡಲೇ ಈ ಕೋರ್ಸ್ ರದ್ದುಗೊಳಿಸಿ ಹಿಂದಿನ ಮೂರು ವರ್ಷದ ಪದವಿ ಪದ್ಧತಿ ಮುಂದುವರಿಸಬೇಕು. ರಾಜ್ಯ ಶಿಕ್ಷಣ ನೀತಿ ಆಯೋಗ ವರದಿ ಶೀಘ್ರ ಜಾರಿಯಾಗಬೇಕು ಎಂದು ಒತ್ತಾಯಿಸಿದರು. ಕುಲಪತಿಗಳಿಗೆ ಮನವಿ ಪತ್ರ ಸಲ್ಲಿಸಲಾಯಿತು. ಪ್ರತಿಭಟನೆಯಲ್ಲಿ ಸಂಘಟನೆಯ ಜಿಲ್ಲಾ ಕಾರ್ಯದರ್ಶಿ, ಪದಾಧಿಕಾರಿಗಳು ಹಾಗೂ ನೂರಾರು ವಿದ್ಯಾರ್ಥಿಗಳು ಭಾಗವಹಿಸಿದ್ದರು.
ಮೈಸೂರು, ಫೆ.29-ಮೈಸೂರು ವಿಶ್ವವಿದ್ಯಾನಿಲಯದಲ್ಲಿ ಜಾರಿಗೊಳಿಸಿರುವ ಅಪ್ರಜಾತಾಂತ್ರಿಕ ನಾಲ್ಕು ವರ್ಷದ ಪದವಿ ಕೋರ್ಸ್ ರದ್ದುಗೊಳಿಸುವಂತೆ ಆಗ್ರಹಿಸಿ ಎಐಡಿಎಸ್‌ಓ ಕಾರ್ಯಕರ್ತರು ಹಾಗೂ ವಿದ್ಯಾರ್ಥಿಗಳು ಕ್ರಾಫರ್ಡ್ ಭವನದ ಎದುರು ಪ್ರತಿಭಟನೆ ನಡೆಸಿದರು. ರಾಷ್ಟ್ರೀಯ ಶಿಕ್ಷಣ ನೀತಿ-2020 ಜಾರಿಯಿಂದ ವಿದ್ಯಾರ್ಥಿಗಳು ಸಾಕಷ್ಟು ತೊಂದರೆ ಅನುಭವಿಸುತ್ತಿದ್ದಾರೆ. ಶಿಕ್ಷಣದ ಗುಣಮಟ್ಟ ಕುಸಿಯುತ್ತಿದೆ. ಶುಲ್ಕ ಹೆಚ್ಚಳದಿಂದ ಬಡ ವಿದ್ಯಾರ್ಥಿಗಳು ಶಿಕ್ಷಣದಿಂದ ವಂಚಿತರಾಗುತ್ತಿದ್ದಾರೆ. ಉಪನ್ಯಾಸಕರ ಕೊರತೆ ಎದುರಾಗಿದೆ. ಸರ್ಕಾರ ಕೂಡಲೇ ಈ ಕೋರ್ಸ್ ರದ್ದುಗೊಳಿಸಿ ಹಿಂದಿನ ಮೂರು ವರ್ಷದ ಪದವಿ ಪದ್ಧತಿ ಮುಂದುವರಿಸಬೇಕು. ರಾಜ್ಯ ಶಿಕ್ಷಣ ನೀತಿ ಆಯೋಗ ವರದಿ ಶೀಘ್ರ ಜಾರಿಯಾಗಬೇಕು ಎಂದು ಒತ್ತಾಯಿಸಿದರು. ಕುಲಪತಿಗಳಿಗೆ ಮನವಿ ಪತ್ರ ಸಲ್ಲಿಸಲಾಯಿತು. ಪ್ರತಿಭಟನೆಯಲ್ಲಿ ಸಂಘಟನೆಯ ಜಿಲ್ಲಾ ಕಾರ್ಯದರ್ಶಿ, ಪದಾಧಿಕಾರಿಗಳು ಹಾಗೂ ನೂರಾರು ವಿದ್ಯಾರ್ಥಿಗಳು ಭಾಗವಹಿಸಿದ್ದರು.
